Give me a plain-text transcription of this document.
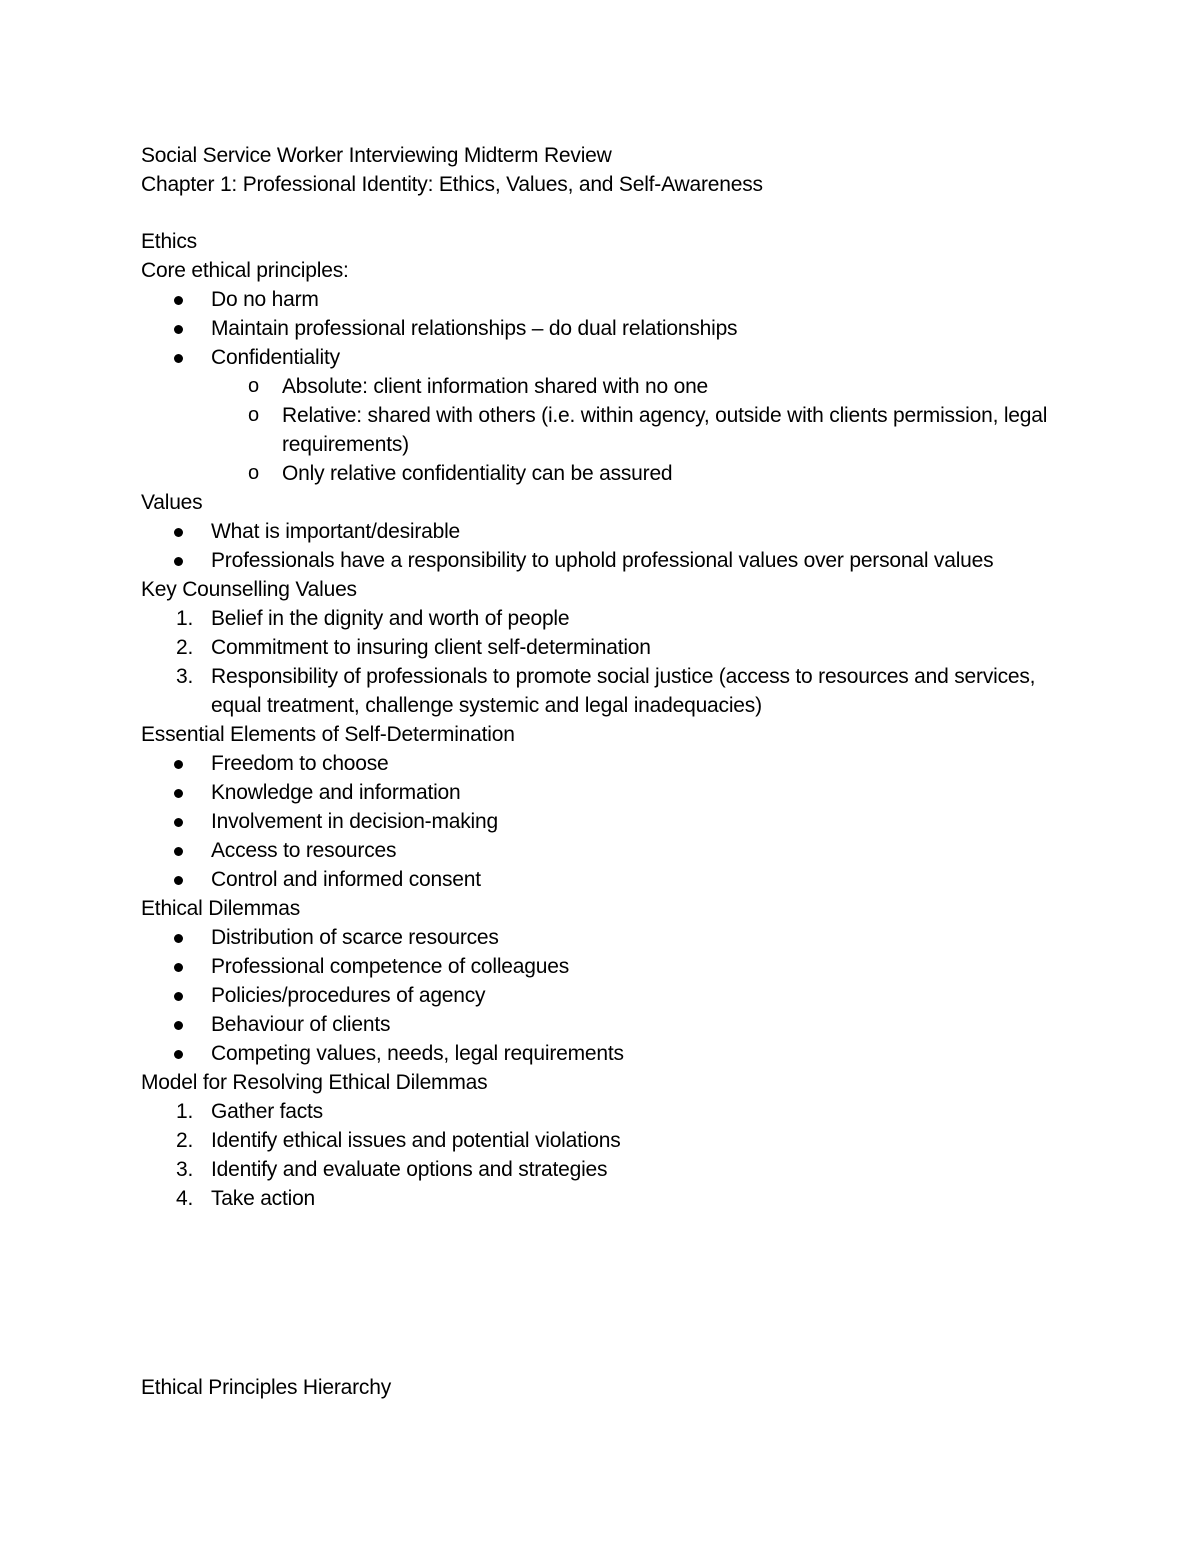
Social Service Worker Interviewing Midterm Review
Chapter 1: Professional Identity: Ethics, Values, and Self-Awareness
Ethics
Core ethical principles:
Do no harm
Maintain professional relationships – do dual relationships
Confidentiality
o Absolute: client information shared with no one
o Relative: shared with others (i.e. within agency, outside with clients permission, legal requirements)
o Only relative confidentiality can be assured
Values
What is important/desirable
Professionals have a responsibility to uphold professional values over personal values
Key Counselling Values
1. Belief in the dignity and worth of people
2. Commitment to insuring client self-determination
3. Responsibility of professionals to promote social justice (access to resources and services, equal treatment, challenge systemic and legal inadequacies)
Essential Elements of Self-Determination
Freedom to choose
Knowledge and information
Involvement in decision-making
Access to resources
Control and informed consent
Ethical Dilemmas
Distribution of scarce resources
Professional competence of colleagues
Policies/procedures of agency
Behaviour of clients
Competing values, needs, legal requirements
Model for Resolving Ethical Dilemmas
1. Gather facts
2. Identify ethical issues and potential violations
3. Identify and evaluate options and strategies
4. Take action
Ethical Principles Hierarchy
